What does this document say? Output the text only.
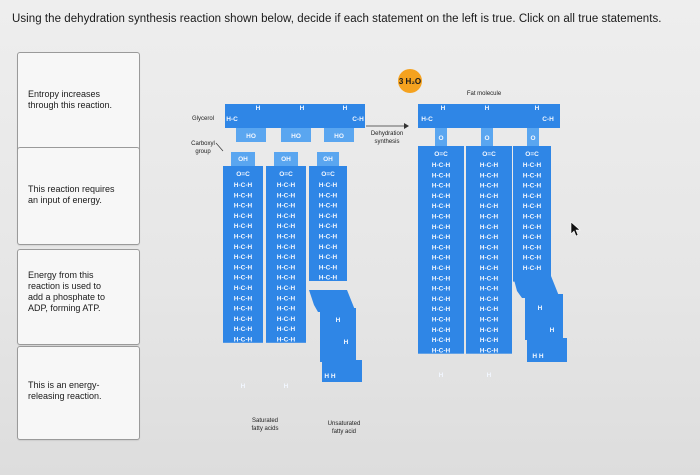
Using the dehydration synthesis reaction shown below, decide if each statement on the left is true. Click on all true statements.
Entropy increases
through this reaction.
This reaction requires
an input of energy.
Energy from this
reaction is used to
add a phosphate to
ADP, forming ATP.
This is an energy-
releasing reaction.
3 H₂O
Fat molecule
Glycerol
Carboxyl
group
Dehydration
synthesis
Saturated
fatty acids
Unsaturated
fatty acid
H	H	H
H-C	C-H
HO	HO	HO
OH
O=C
H-C-H
H-C-H
H-C-H
H-C-H
H-C-H
H-C-H
H-C-H
H-C-H
H-C-H
H-C-H
H-C-H
H-C-H
H-C-H
H-C-H
H-C-H
H-C-H
H
OH
O=C
H-C-H
H-C-H
H-C-H
H-C-H
H-C-H
H-C-H
H-C-H
H-C-H
H-C-H
H-C-H
H-C-H
H-C-H
H-C-H
H-C-H
H-C-H
H-C-H
H
OH
O=C
H-C-H
H-C-H
H-C-H
H-C-H
H-C-H
H-C-H
H-C-H
H-C-H
H-C-H
H-C-H
H
H
H H
H	H	H
H-C	C-H
O	O	O
O=C
H-C-H
H-C-H
H-C-H
H-C-H
H-C-H
H-C-H
H-C-H
H-C-H
H-C-H
H-C-H
H-C-H
H-C-H
H-C-H
H-C-H
H-C-H
H-C-H
H-C-H
H-C-H
H-C-H
H
O=C
H-C-H
H-C-H
H-C-H
H-C-H
H-C-H
H-C-H
H-C-H
H-C-H
H-C-H
H-C-H
H-C-H
H-C-H
H-C-H
H-C-H
H-C-H
H-C-H
H-C-H
H-C-H
H-C-H
H
O=C
H-C-H
H-C-H
H-C-H
H-C-H
H-C-H
H-C-H
H-C-H
H-C-H
H-C-H
H-C-H
H-C-H
H
H
H H
